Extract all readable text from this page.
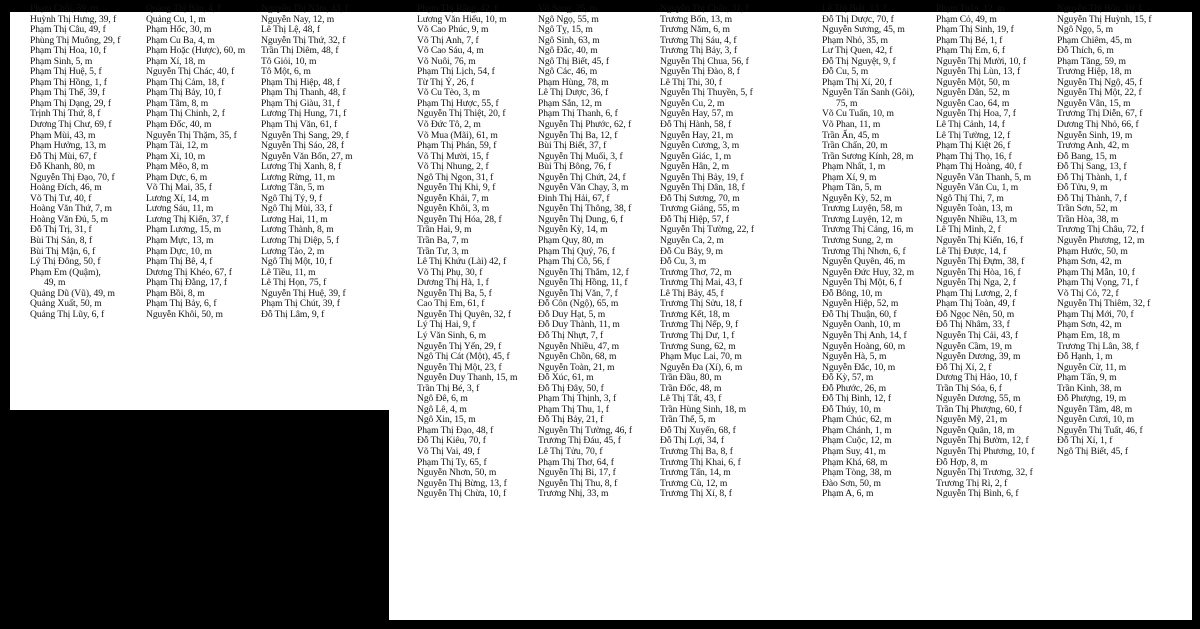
Phạm Chồi, 59, m
Huỳnh Thị Hưng, 39, f
Phạm Thị Câu, 49, f
Phùng Thị Muông, 29, f
Phạm Thị Hoa, 10, f
Phạm Sinh, 5, m
Phạm Thị Huệ, 5, f
Phạm Thị Hồng, 1, f
Phạm Thị Thế, 39, f
Phạm Thị Dạng, 29, f
Trịnh Thị Thứ, 8, f
Dương Thị Chư, 69, f
Phạm Mùi, 43, m
Phạm Hưởng, 13, m
Đỗ Thị Mùi, 67, f
Đỗ Khanh, 80, m
Nguyễn Thị Đạo, 70, f
Hoàng Đích, 46, m
Võ Thị Tư, 40, f
Hoàng Văn Thứ, 7, m
Hoàng Văn Đủ, 5, m
Đỗ Thị Trị, 31, f
Bùi Thị Sản, 8, f
Bùi Thị Mận, 6, f
Lý Thị Đông, 50, f
Phạm Em (Quậm),
49, m
Quảng Dũ (Vũ), 49, m
Quảng Xuất, 50, m
Quảng Thị Lũy, 6, f
Quảng Thị Bàn, 4, f
Quảng Cu, 1, m
Phạm Hốc, 30, m
Phạm Cu Ba, 4, m
Phạm Hoặc (Hược), 60, m
Phạm Xí, 18, m
Nguyễn Thị Chác, 40, f
Phạm Thị Cảm, 18, f
Phạm Thị Bảy, 10, f
Phạm Tâm, 8, m
Phạm Thị Chinh, 2, f
Phạm Đốc, 40, m
Nguyễn Thị Thặm, 35, f
Phạm Tài, 12, m
Phạm Xi, 10, m
Phạm Mẽo, 8, m
Phạm Dực, 6, m
Võ Thị Mai, 35, f
Lương Xí, 14, m
Lương Sáu, 11, m
Lương Thị Kiến, 37, f
Phạm Lương, 15, m
Phạm Mực, 13, m
Phạm Dực, 10, m
Phạm Thị Bê, 4, f
Dương Thị Khéo, 67, f
Phạm Thị Đằng, 17, f
Phạm Bồi, 8, m
Phạm Thị Bảy, 6, f
Nguyễn Khôi, 50, m
Nguyễn Thị Năm, 43, f
Nguyễn Nay, 12, m
Lê Thị Lệ, 48, f
Nguyễn Thị Thứ, 32, f
Trần Thị Diêm, 48, f
Tô Giỏi, 10, m
Tô Một, 6, m
Phạm Thị Hiệp, 48, f
Phạm Thị Thanh, 48, f
Phạm Thị Giàu, 31, f
Lương Thị Hung, 71, f
Phạm Thị Văn, 61, f
Nguyễn Thị Sang, 29, f
Nguyễn Thị Sáo, 28, f
Nguyễn Văn Bốn, 27, m
Lương Thị Xanh, 8, f
Lương Rừng, 11, m
Lương Tân, 5, m
Ngô Thị Tý, 9, f
Ngô Thị Mùi, 33, f
Lương Hai, 11, m
Lương Thành, 8, m
Lương Thị Diệp, 5, f
Lương Tảo, 2, m
Ngô Thị Một, 10, f
Lê Tiều, 11, m
Lê Thị Họn, 75, f
Nguyễn Thị Huệ, 39, f
Phạm Thị Chút, 39, f
Đỗ Thị Lâm, 9, f
Phạm Thị Rằng, 42, f
Lương Văn Hiếu, 10, m
Võ Cao Phúc, 9, m
Võ Thị Anh, 7, f
Võ Cao Sáu, 4, m
Võ Nuôi, 76, m
Phạm Thị Lịch, 54, f
Từ Thị Ý, 26, f
Võ Cu Tèo, 3, m
Phạm Thị Hược, 55, f
Nguyễn Thị Thiệt, 20, f
Võ Đức Tô, 2, m
Võ Mua (Mãi), 61, m
Phạm Thị Phán, 59, f
Võ Thị Mười, 15, f
Võ Thị Nhung, 2, f
Ngô Thị Ngon, 31, f
Nguyễn Thị Khi, 9, f
Nguyễn Khải, 7, m
Nguyễn Khôi, 3, m
Nguyễn Thị Hóa, 28, f
Trần Hai, 9, m
Trần Ba, 7, m
Trần Tư, 3, m
Lê Thị Khứu (Lài) 42, f
Võ Thị Phụ, 30, f
Dương Thị Hà, 1, f
Nguyễn Thị Ba, 5, f
Cao Thị Em, 61, f
Nguyễn Thị Quyên, 32, f
Lý Thị Hai, 9, f
Lý Văn Sinh, 6, m
Nguyễn Thị Yến, 29, f
Ngô Thị Cát (Một), 45, f
Nguyễn Thị Một, 23, f
Nguyễn Duy Thanh, 15, m
Trần Thị Bé, 3, f
Ngô Đê, 6, m
Ngô Lê, 4, m
Ngô Xin, 15, m
Phạm Thị Đạo, 48, f
Đỗ Thị Kiêu, 70, f
Võ Thị Vai, 49, f
Phạm Thị Ty, 65, f
Nguyễn Nhơn, 50, m
Nguyễn Thị Bừng, 13, f
Nguyễn Thị Chừa, 10, f
Võ Song, 25, m
Ngô Ngọ, 55, m
Ngô Tỵ, 15, m
Ngô Sinh, 63, m
Ngô Đắc, 40, m
Ngô Thị Biết, 45, f
Ngô Các, 46, m
Phạm Hùng, 78, m
Lê Thị Dược, 36, f
Phạm Sắn, 12, m
Phạm Thị Thanh, 6, f
Nguyễn Thị Phước, 62, f
Nguyễn Thị Ba, 12, f
Bùi Thị Biết, 37, f
Nguyễn Thị Muối, 3, f
Bùi Thị Bông, 76, f
Nguyễn Thị Chứt, 24, f
Nguyễn Văn Chạy, 3, m
Đinh Thị Hải, 67, f
Nguyễn Thị Thông, 38, f
Nguyễn Thị Dung, 6, f
Nguyễn Kỳ, 14, m
Phạm Quy, 80, m
Phạm Thị Quý, 76, f
Phạm Thị Cõ, 56, f
Nguyễn Thị Thắm, 12, f
Nguyễn Thị Hồng, 11, f
Nguyễn Thị Văn, 7, f
Đỗ Côn (Ngộ), 65, m
Đỗ Duy Hạt, 5, m
Đỗ Duy Thành, 11, m
Đỗ Thị Nhựt, 7, f
Nguyễn Nhiều, 47, m
Nguyễn Chồn, 68, m
Nguyễn Toàn, 21, m
Đỗ Xúc, 61, m
Đỗ Thị Đây, 50, f
Phạm Thị Thịnh, 3, f
Phạm Thị Thu, 1, f
Đỗ Thị Bảy, 21, f
Nguyễn Thị Tường, 46, f
Trương Thị Đáu, 45, f
Lê Thị Tửu, 70, f
Phạm Thị Thơ, 64, f
Nguyễn Thị Bi, 17, f
Nguyễn Thị Thu, 8, f
Trương Nhị, 33, m
Nguyễn Thị Chấn, 31, f
Trương Bốn, 13, m
Trương Năm, 6, m
Trương Thị Sáu, 4, f
Trương Thị Bảy, 3, f
Nguyễn Thị Chua, 56, f
Nguyễn Thị Đào, 8, f
Lê Thị Thi, 30, f
Nguyễn Thị Thuyền, 5, f
Nguyễn Cu, 2, m
Nguyễn Hay, 57, m
Đỗ Thị Hành, 58, f
Nguyễn Hay, 21, m
Nguyễn Cương, 3, m
Nguyễn Giác, 1, m
Nguyễn Hân, 2, m
Nguyễn Thị Bảy, 19, f
Nguyễn Thị Dân, 18, f
Đỗ Thị Sương, 70, m
Trương Giảng, 55, m
Đỗ Thị Hiệp, 57, f
Nguyễn Thị Tường, 22, f
Nguyễn Ca, 2, m
Đỗ Cu Bảy, 9, m
Đỗ Cu, 3, m
Trương Thơ, 72, m
Trương Thị Mai, 43, f
Lê Thị Bảy, 45, f
Trương Thị Sửu, 18, f
Trương Kết, 18, m
Trương Thị Nếp, 9, f
Trương Thị Dư, 1, f
Trương Sung, 62, m
Phạm Mục Lai, 70, m
Nguyễn Đa (Xí), 6, m
Trần Đầu, 80, m
Trần Đốc, 48, m
Lê Thị Tất, 43, f
Trần Hùng Sinh, 18, m
Trần Thế, 5, m
Đỗ Thị Xuyến, 68, f
Đỗ Thị Lợi, 34, f
Trương Thị Ba, 8, f
Trương Thị Khai, 6, f
Trương Tấn, 14, m
Trương Cù, 12, m
Trương Thị Xí, 8, f
Lê Thị Biết, 13, f
Đỗ Thị Dược, 70, f
Nguyễn Sương, 45, m
Phạm Nhỏ, 35, m
Lư Thị Quen, 42, f
Đỗ Thị Nguyệt, 9, f
Đỗ Cu, 5, m
Phạm Thị Xí, 20, f
Nguyễn Tấn Sanh (Gôi),
75, m
Võ Cu Tuấn, 10, m
Võ Phan, 11, m
Trần Ẩn, 45, m
Trần Chấn, 20, m
Trần Sương Kính, 28, m
Phạm Nhất, 1, m
Phạm Xí, 9, m
Phạm Tân, 5, m
Nguyễn Kỳ, 52, m
Trương Luyện, 58, m
Trương Luyện, 12, m
Trương Thị Cảng, 16, m
Trương Sung, 2, m
Trương Thị Nhơn, 6, f
Nguyễn Quyên, 46, m
Nguyễn Đức Huy, 32, m
Nguyễn Thị Một, 6, f
Đỗ Bông, 10, m
Nguyễn Hiệp, 52, m
Đỗ Thị Thuận, 60, f
Nguyễn Oanh, 10, m
Nguyễn Thị Anh, 14, f
Nguyễn Hoàng, 60, m
Nguyễn Hà, 5, m
Nguyễn Đắc, 10, m
Đỗ Kỳ, 57, m
Đỗ Phước, 26, m
Đỗ Thị Bình, 12, f
Đỗ Thúy, 10, m
Phạm Chúc, 62, m
Phạm Chánh, 1, m
Phạm Cuộc, 12, m
Phạm Suy, 41, m
Phạm Khá, 68, m
Phạm Tòng, 38, m
Đào Sơn, 50, m
Phạm A, 6, m
Phạm Tuân, 12, m
Phạm Cỏ, 49, m
Phạm Thị Sinh, 19, f
Phạm Thị Bé, 1, f
Phạm Thị Em, 6, f
Nguyễn Thị Mười, 10, f
Nguyễn Thị Lùn, 13, f
Nguyễn Một, 50, m
Nguyễn Dân, 52, m
Nguyễn Cao, 64, m
Nguyễn Thị Hoa, 7, f
Lê Thị Cảnh, 14, f
Lê Thị Tường, 12, f
Phạm Thị Kiệt 26, f
Phạm Thị Thọ, 16, f
Phạm Thị Hoàng, 40, f
Nguyễn Văn Thanh, 5, m
Nguyễn Văn Cu, 1, m
Ngô Thị Thi, 7, m
Nguyễn Toàn, 13, m
Nguyễn Nhiều, 13, m
Lê Thị Minh, 2, f
Nguyễn Thị Kiến, 16, f
Lê Thị Được, 14, f
Nguyễn Thị Đựm, 38, f
Nguyễn Thị Hòa, 16, f
Nguyễn Thị Nga, 2, f
Phạm Thị Lương, 2, f
Phạm Thị Toàn, 49, f
Đỗ Ngọc Nên, 50, m
Đỗ Thị Nhâm, 33, f
Nguyễn Thị Cải, 43, f
Nguyễn Cầm, 19, m
Nguyễn Dương, 39, m
Đỗ Thị Xí, 2, f
Dương Thị Hảo, 10, f
Trần Thị Sóa, 6, f
Nguyễn Dương, 55, m
Trần Thị Phượng, 60, f
Nguyễn Mỹ, 21, m
Nguyễn Quân, 18, m
Nguyễn Thị Bườm, 12, f
Nguyễn Thị Phương, 10, f
Đỗ Hợp, 8, m
Nguyễn Thị Trương, 32, f
Trương Thị Rì, 2, f
Nguyễn Thị Bình, 6, f
Nguyễn Thị Bốn, 10, f
Nguyễn Thị Huỳnh, 15, f
Ngô Ngọ, 5, m
Phạm Chiêm, 45, m
Đỗ Thích, 6, m
Phạm Tăng, 59, m
Trương Hiệp, 18, m
Nguyễn Thị Ngộ, 45, f
Nguyễn Thị Một, 22, f
Nguyễn Vân, 15, m
Trương Thị Diễn, 67, f
Dương Thị Nhỏ, 66, f
Nguyễn Sinh, 19, m
Trương Anh, 42, m
Đỗ Bang, 15, m
Đỗ Thị Sang, 13, f
Đỗ Thị Thành, 1, f
Đỗ Tửu, 9, m
Đỗ Thị Thành, 7, f
Trần Sơn, 52, m
Trần Hòa, 38, m
Trương Thị Châu, 72, f
Nguyễn Phương, 12, m
Phạm Hước, 50, m
Phạm Sơn, 42, m
Phạm Thị Mẫn, 10, f
Phạm Thị Vọng, 71, f
Võ Thị Cỏ, 72, f
Nguyễn Thị Thiêm, 32, f
Phạm Thị Mới, 70, f
Phạm Sơn, 42, m
Phạm Em, 18, m
Trương Thị Lân, 38, f
Đỗ Hạnh, 1, m
Nguyễn Cừ, 11, m
Phạm Tấn, 9, m
Trần Kình, 38, m
Đỗ Phượng, 19, m
Nguyễn Tâm, 48, m
Nguyễn Cươi, 10, m
Nguyễn Thị Tuất, 46, f
Đỗ Thị Xí, 1, f
Ngô Thị Biết, 45, f
